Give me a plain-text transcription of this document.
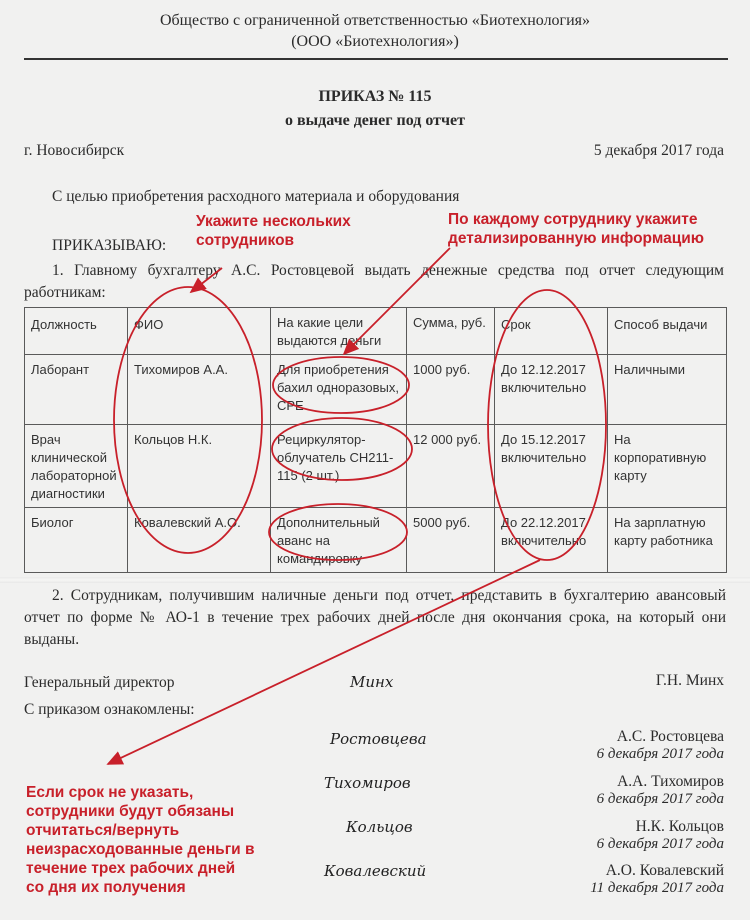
Общество с ограниченной ответственностью «Биотехнология»
(ООО «Биотехнология»)
ПРИКАЗ № 115
о выдаче денег под отчет
г. Новосибирск	5 декабря 2017 года
С целью приобретения расходного материала и оборудования
ПРИКАЗЫВАЮ:
1. Главному бухгалтеру А.С. Ростовцевой выдать денежные средства под отчет следующим работникам:
Должность	ФИО	На какие цели выдаются деньги	Сумма, руб.	Срок	Способ выдачи
Лаборант	Тихомиров А.А.	Для приобретения бахил одноразовых, СРЕ	1000 руб.	До 12.12.2017 включительно	Наличными
Врач клинической лабораторной диагностики	Кольцов Н.К.	Рециркулятор-облучатель СН211-115 (2 шт.)	12 000 руб.	До 15.12.2017 включительно	На корпоративную карту
Биолог	Ковалевский А.О.	Дополнительный аванс на командировку	5000 руб.	До 22.12.2017 включительно	На зарплатную карту работника
2. Сотрудникам, получившим наличные деньги под отчет, представить в бухгалтерию авансовый отчет по форме № АО-1 в течение трех рабочих дней после дня окончания срока, на который они выданы.
Генеральный директор	Минх	Г.Н. Минх
С приказом ознакомлены:
Ростовцева	А.С. Ростовцева
6 декабря 2017 года
Тихомиров	А.А. Тихомиров
6 декабря 2017 года
Кольцов	Н.К. Кольцов
6 декабря 2017 года
Ковалевский	А.О. Ковалевский
11 декабря 2017 года
Укажите нескольких сотрудников
По каждому сотруднику укажите детализированную информацию
Если срок не указать, сотрудники будут обязаны отчитаться/вернуть неизрасходованные деньги в течение трех рабочих дней со дня их получения
